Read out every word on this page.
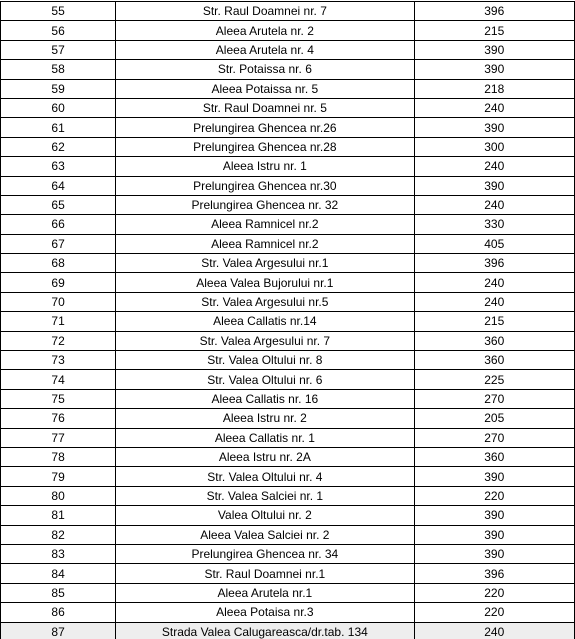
55	Str. Raul Doamnei nr. 7	396
56	Aleea Arutela nr. 2	215
57	Aleea Arutela nr. 4	390
58	Str. Potaissa nr. 6	390
59	Aleea Potaissa nr. 5	218
60	Str. Raul Doamnei nr. 5	240
61	Prelungirea Ghencea nr.26	390
62	Prelungirea Ghencea nr.28	300
63	Aleea Istru nr. 1	240
64	Prelungirea Ghencea nr.30	390
65	Prelungirea Ghencea nr. 32	240
66	Aleea Ramnicel nr.2	330
67	Aleea Ramnicel nr.2	405
68	Str. Valea Argesului nr.1	396
69	Aleea Valea Bujorului nr.1	240
70	Str. Valea Argesului nr.5	240
71	Aleea Callatis nr.14	215
72	Str. Valea Argesului nr. 7	360
73	Str. Valea Oltului nr. 8	360
74	Str. Valea Oltului nr. 6	225
75	Aleea Callatis nr. 16	270
76	Aleea Istru nr. 2	205
77	Aleea Callatis nr. 1	270
78	Aleea Istru nr. 2A	360
79	Str. Valea Oltului nr. 4	390
80	Str. Valea Salciei nr. 1	220
81	Valea Oltului nr. 2	390
82	Aleea Valea Salciei nr. 2	390
83	Prelungirea Ghencea nr. 34	390
84	Str. Raul Doamnei nr.1	396
85	Aleea Arutela nr.1	220
86	Aleea Potaisa nr.3	220
87	Strada Valea Calugareasca/dr.tab. 134	240
